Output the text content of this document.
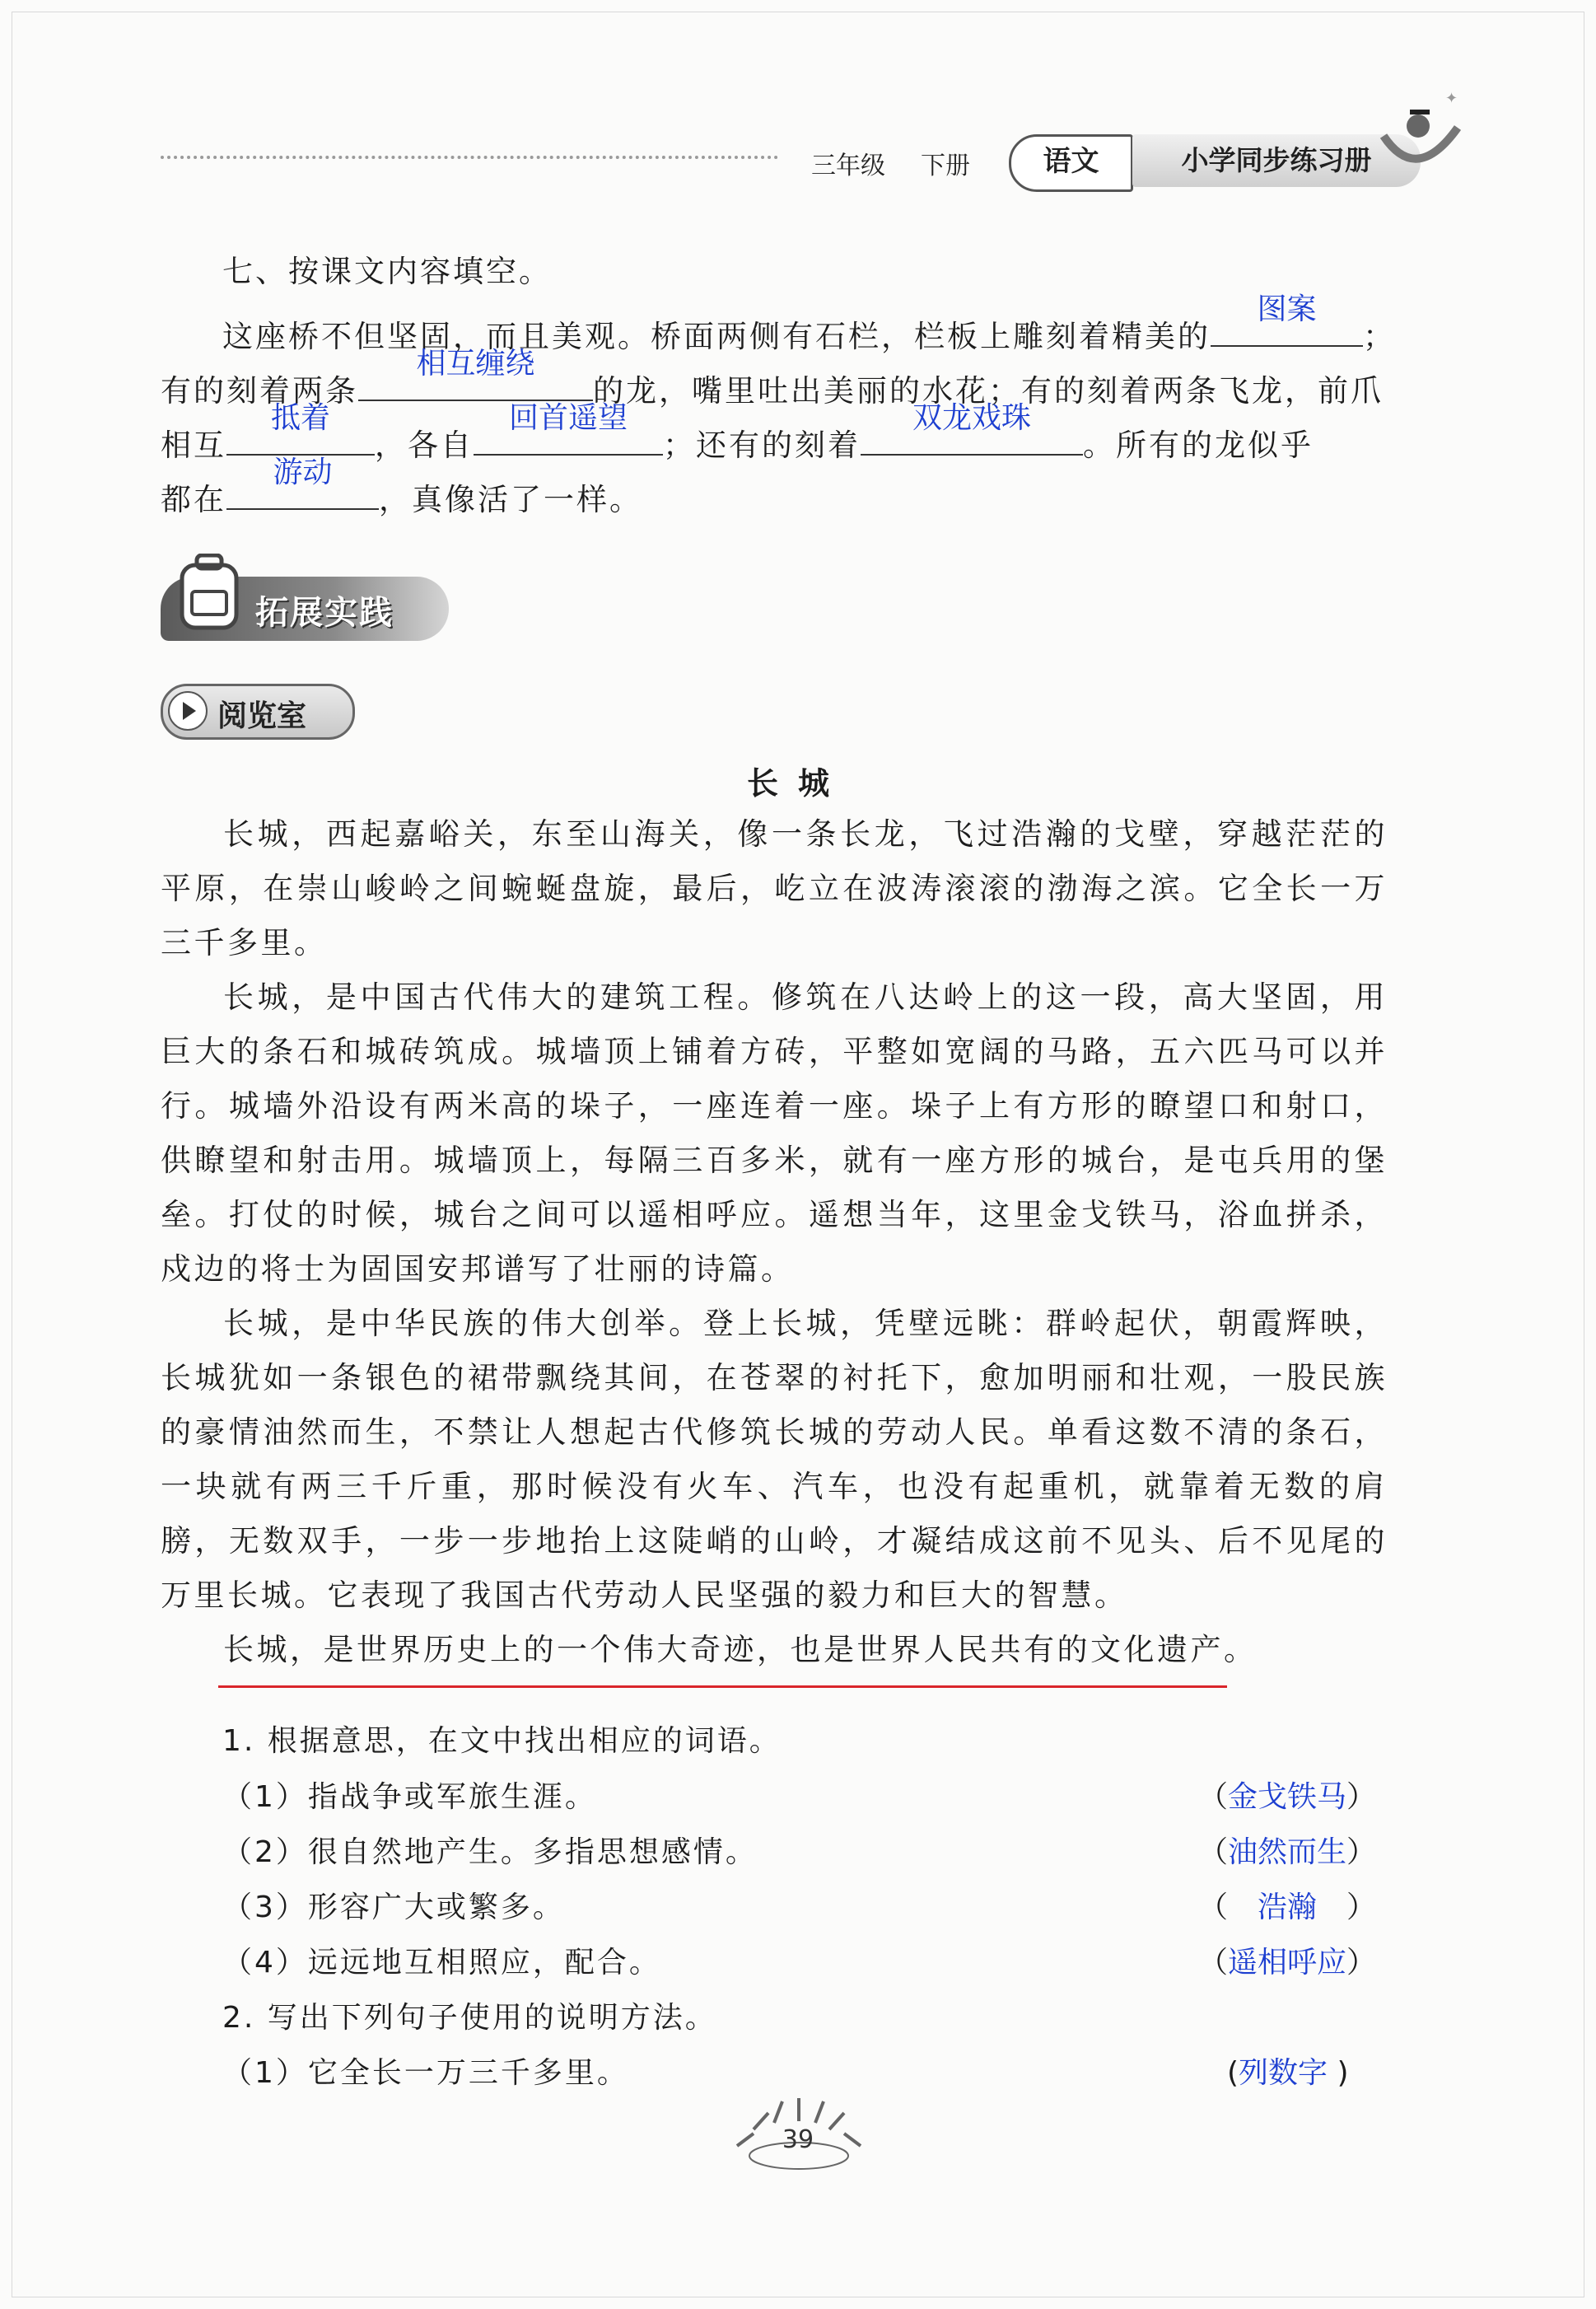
三年级 下册	语文	小学同步练习册
✦
七、按课文内容填空。
这座桥不但坚固，而且美观。桥面两侧有石栏，栏板上雕刻着精美的
图案
；
有的刻着两条
相互缠绕
的龙，嘴里吐出美丽的水花；有的刻着两条飞龙，前爪
相互
抵着
，各自
回首遥望
；还有的刻着
双龙戏珠
。所有的龙似乎
都在
游动
，真像活了一样。
拓展实践
阅览室
长城
长城，西起嘉峪关，东至山海关，像一条长龙，飞过浩瀚的戈壁，穿越茫茫的平原，在崇山峻岭之间蜿蜒盘旋，最后，屹立在波涛滚滚的渤海之滨。它全长一万三千多里。
长城，是中国古代伟大的建筑工程。修筑在八达岭上的这一段，高大坚固，用巨大的条石和城砖筑成。城墙顶上铺着方砖，平整如宽阔的马路，五六匹马可以并行。城墙外沿设有两米高的垛子，一座连着一座。垛子上有方形的瞭望口和射口，供瞭望和射击用。城墙顶上，每隔三百多米，就有一座方形的城台，是屯兵用的堡垒。打仗的时候，城台之间可以遥相呼应。遥想当年，这里金戈铁马，浴血拼杀，戍边的将士为固国安邦谱写了壮丽的诗篇。
长城，是中华民族的伟大创举。登上长城，凭壁远眺：群岭起伏，朝霞辉映，长城犹如一条银色的裙带飘绕其间，在苍翠的衬托下，愈加明丽和壮观，一股民族的豪情油然而生，不禁让人想起古代修筑长城的劳动人民。单看这数不清的条石，一块就有两三千斤重，那时候没有火车、汽车，也没有起重机，就靠着无数的肩膀，无数双手，一步一步地抬上这陡峭的山岭，才凝结成这前不见头、后不见尾的万里长城。它表现了我国古代劳动人民坚强的毅力和巨大的智慧。
长城，是世界历史上的一个伟大奇迹，也是世界人民共有的文化遗产。
1. 根据意思，在文中找出相应的词语。
（1）指战争或军旅生涯。	（金戈铁马）
（2）很自然地产生。多指思想感情。	（油然而生）
（3）形容广大或繁多。	（ 浩瀚 ）
（4）远远地互相照应，配合。	（遥相呼应）
2. 写出下列句子使用的说明方法。
（1）它全长一万三千多里。	(列数字 )
39
